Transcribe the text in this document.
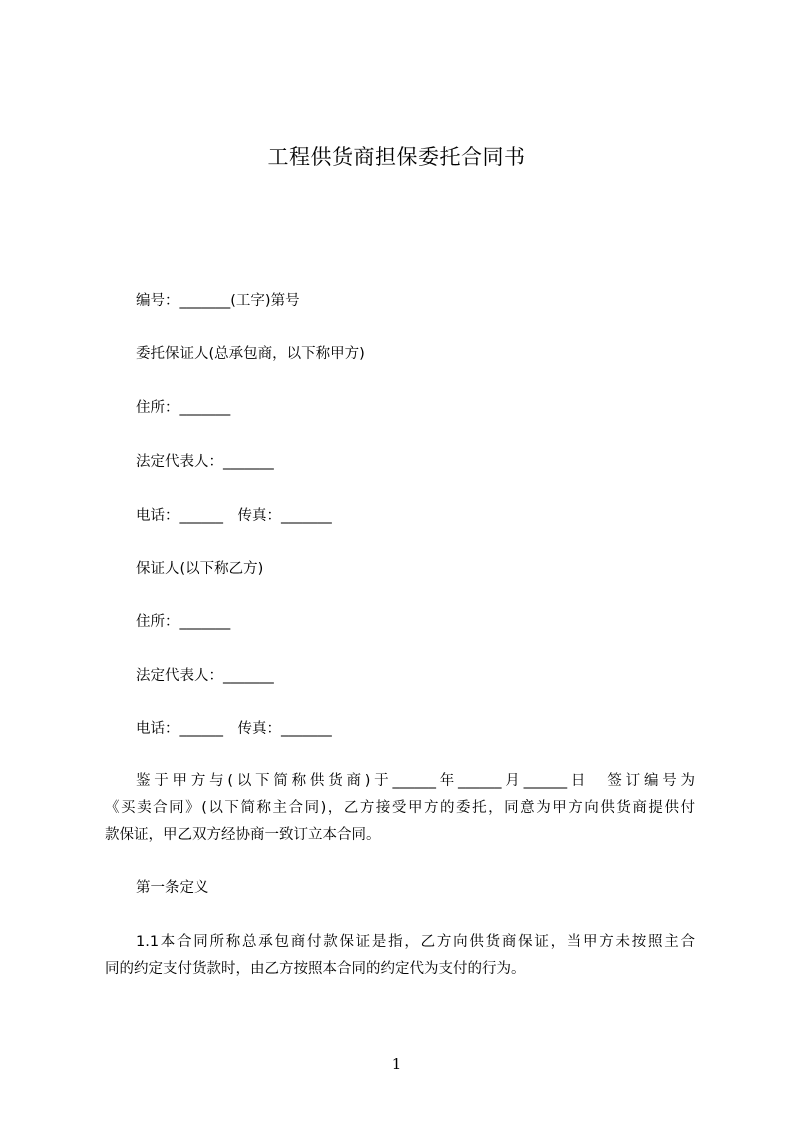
工程供货商担保委托合同书
编号：_______(工字)第号
委托保证人(总承包商，以下称甲方)
住所：_______
法定代表人：_______
电话：______　传真：_______
保证人(以下称乙方)
住所：_______
法定代表人：_______
电话：______　传真：_______
鉴于甲方与(以下简称供货商)于______年______月______日　签订编号为
《买卖合同》(以下简称主合同)，乙方接受甲方的委托，同意为甲方向供货商提供付
款保证，甲乙双方经协商一致订立本合同。
第一条定义
1.1本合同所称总承包商付款保证是指，乙方向供货商保证，当甲方未按照主合
同的约定支付货款时，由乙方按照本合同的约定代为支付的行为。
1
